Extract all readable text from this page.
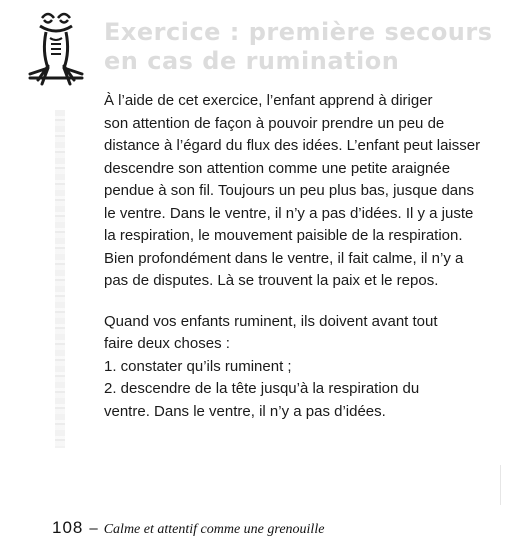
Exercice : première secours
en cas de rumination

À l’aide de cet exercice, l’enfant apprend à diriger
son attention de façon à pouvoir prendre un peu de
distance à l’égard du flux des idées. L’enfant peut laisser
descendre son attention comme une petite araignée
pendue à son fil. Toujours un peu plus bas, jusque dans
le ventre. Dans le ventre, il n’y a pas d’idées. Il y a juste
la respiration, le mouvement paisible de la respiration.
Bien profondément dans le ventre, il fait calme, il n’y a
pas de disputes. Là se trouvent la paix et le repos.

Quand vos enfants ruminent, ils doivent avant tout
faire deux choses :
1. constater qu’ils ruminent ;
2. descendre de la tête jusqu’à la respiration du
ventre. Dans le ventre, il n’y a pas d’idées.

108 – Calme et attentif comme une grenouille
